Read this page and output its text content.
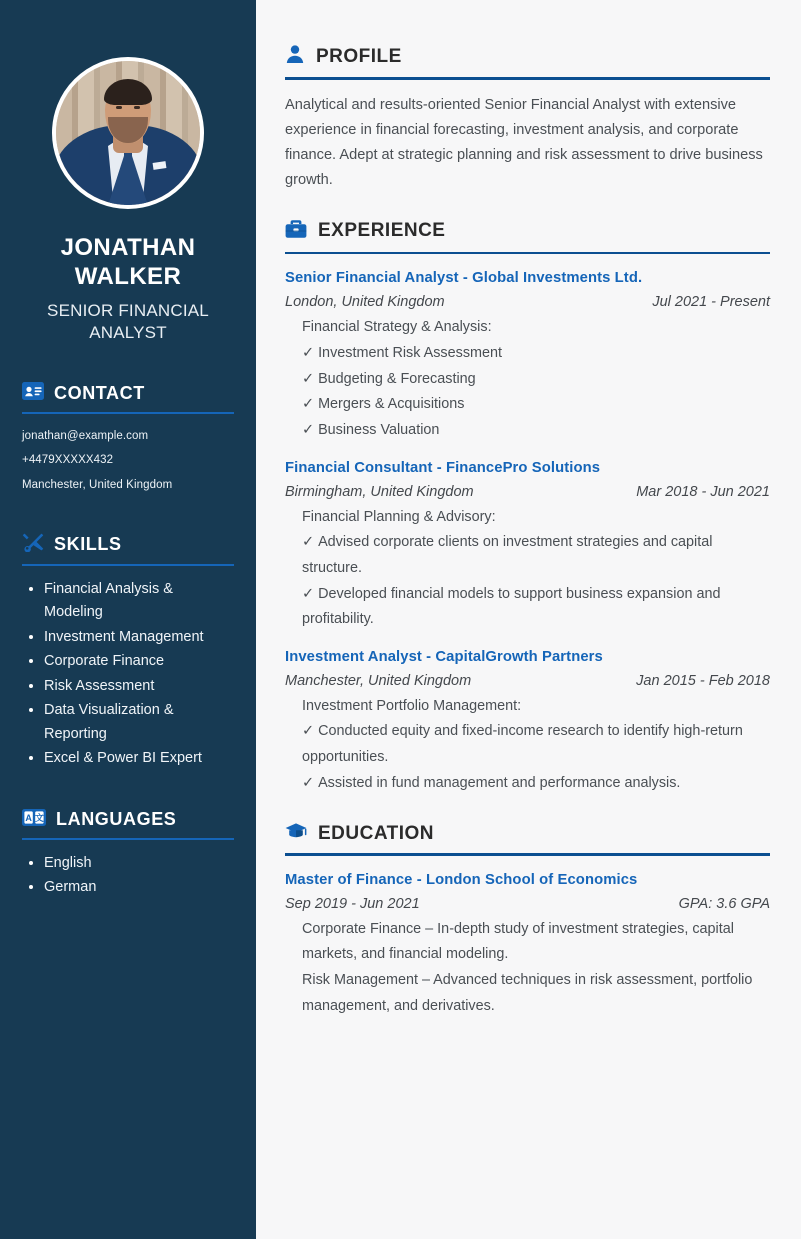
JONATHAN WALKER
SENIOR FINANCIAL ANALYST
CONTACT
jonathan@example.com
+4479XXXXX432
Manchester, United Kingdom
SKILLS
• Financial Analysis & Modeling
• Investment Management
• Corporate Finance
• Risk Assessment
• Data Visualization & Reporting
• Excel & Power BI Expert
A 文 LANGUAGES
• English
• German
PROFILE

Analytical and results-oriented Senior Financial Analyst with extensive experience in financial forecasting, investment analysis, and corporate finance. Adept at strategic planning and risk assessment to drive business growth.

EXPERIENCE
Senior Financial Analyst - Global Investments Ltd.
London, United Kingdom	Jul 2021 - Present
Financial Strategy & Analysis:
✓ Investment Risk Assessment
✓ Budgeting & Forecasting
✓ Mergers & Acquisitions
✓ Business Valuation
Financial Consultant - FinancePro Solutions
Birmingham, United Kingdom	Mar 2018 - Jun 2021
Financial Planning & Advisory:
✓ Advised corporate clients on investment strategies and capital structure.
✓ Developed financial models to support business expansion and profitability.
Investment Analyst - CapitalGrowth Partners
Manchester, United Kingdom	Jan 2015 - Feb 2018
Investment Portfolio Management:
✓ Conducted equity and fixed-income research to identify high-return opportunities.
✓ Assisted in fund management and performance analysis.
EDUCATION
Master of Finance - London School of Economics
Sep 2019 - Jun 2021	GPA: 3.6 GPA

Corporate Finance – In-depth study of investment strategies, capital markets, and financial modeling.

Risk Management – Advanced techniques in risk assessment, portfolio management, and derivatives.
